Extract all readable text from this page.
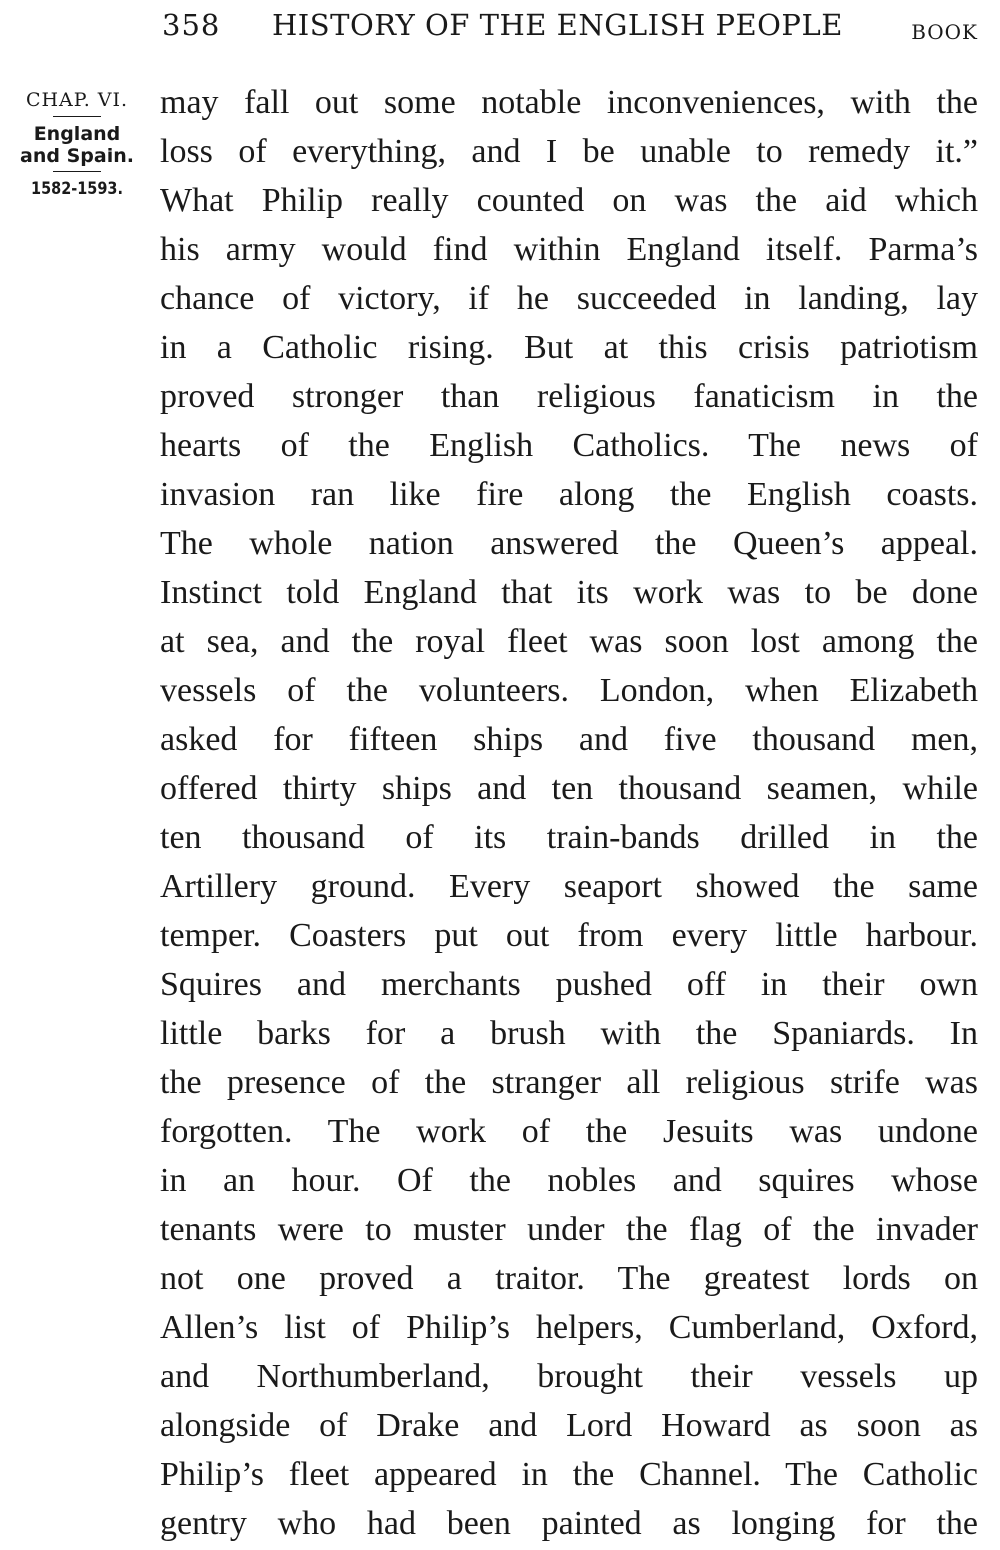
358 HISTORY OF THE ENGLISH PEOPLE	BOOK
CHAP. VI.
England
and Spain.
1582-1593.
may fall out some notable inconveniences, with the
loss of everything, and I be unable to remedy it.”
What Philip really counted on was the aid which
his army would find within England itself. Parma’s
chance of victory, if he succeeded in landing, lay
in a Catholic rising. But at this crisis patriotism
proved stronger than religious fanaticism in the
hearts of the English Catholics. The news of
invasion ran like fire along the English coasts.
The whole nation answered the Queen’s appeal.
Instinct told England that its work was to be done
at sea, and the royal fleet was soon lost among the
vessels of the volunteers. London, when Elizabeth
asked for fifteen ships and five thousand men,
offered thirty ships and ten thousand seamen, while
ten thousand of its train-bands drilled in the
Artillery ground. Every seaport showed the same
temper. Coasters put out from every little harbour.
Squires and merchants pushed off in their own
little barks for a brush with the Spaniards. In
the presence of the stranger all religious strife was
forgotten. The work of the Jesuits was undone
in an hour. Of the nobles and squires whose
tenants were to muster under the flag of the invader
not one proved a traitor. The greatest lords on
Allen’s list of Philip’s helpers, Cumberland, Oxford,
and Northumberland, brought their vessels up
alongside of Drake and Lord Howard as soon as
Philip’s fleet appeared in the Channel. The Catholic
gentry who had been painted as longing for the
